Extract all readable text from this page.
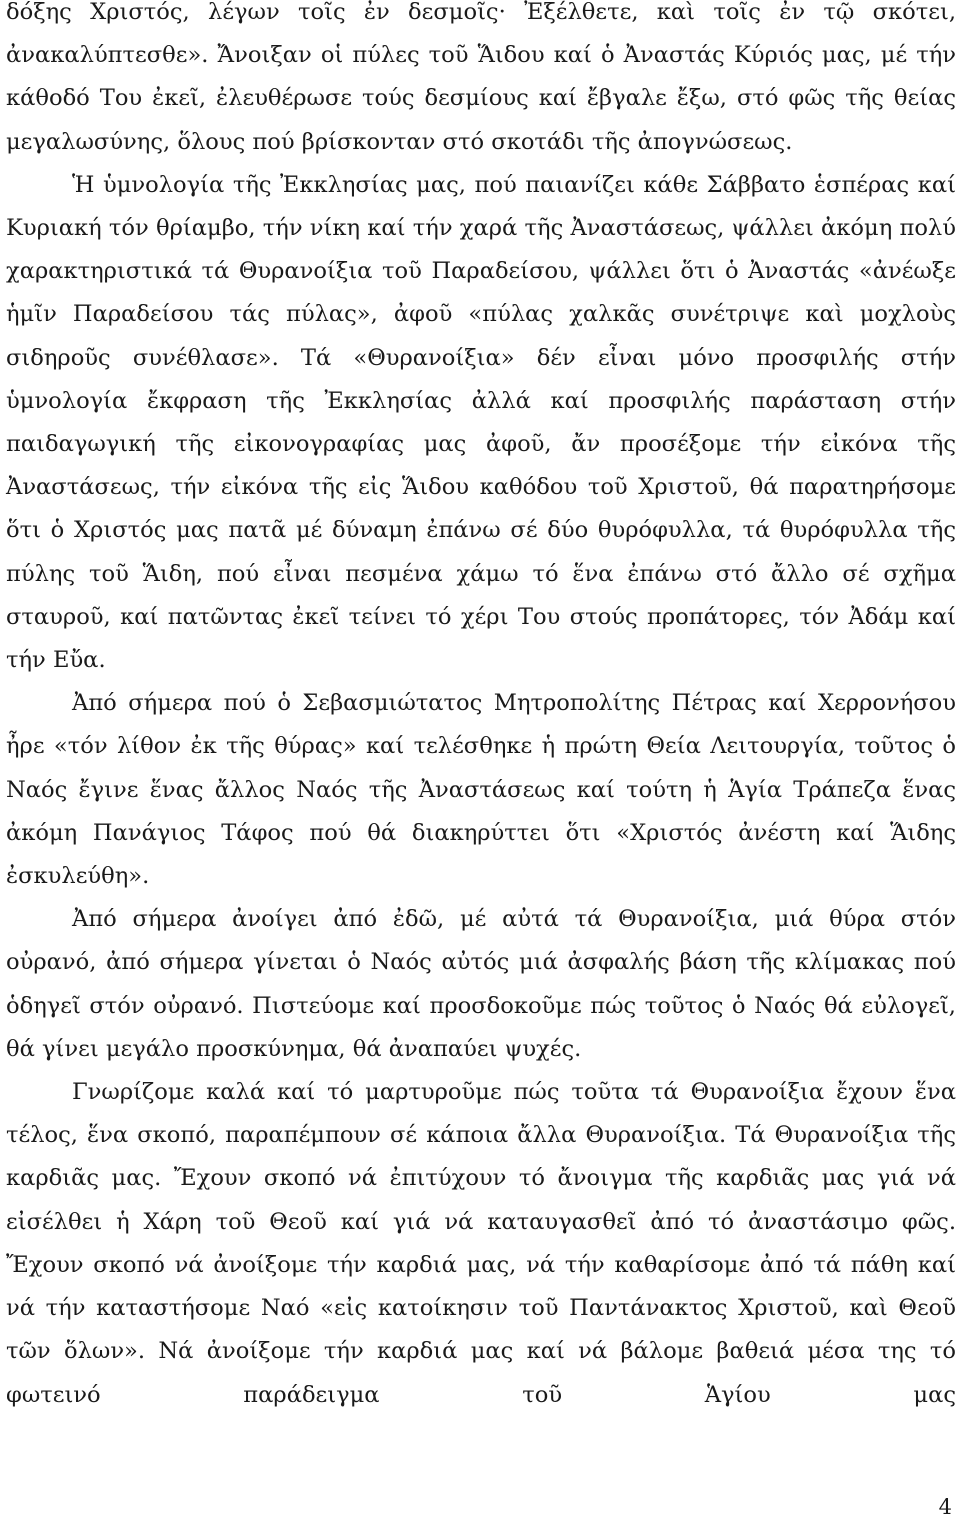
δόξης Χριστός, λέγων τοῖς ἐν δεσμοῖς· Ἐξέλθετε, καὶ τοῖς ἐν τῷ σκότει, ἀνακαλύπτεσθε». Ἄνοιξαν οἱ πύλες τοῦ Ἅιδου καί ὁ Ἀναστάς Κύριός μας, μέ τήν κάθοδό Του ἐκεῖ, ἐλευθέρωσε τούς δεσμίους καί ἔβγαλε ἔξω, στό φῶς τῆς θείας μεγαλωσύνης, ὅλους πού βρίσκονταν στό σκοτάδι τῆς ἀπογνώσεως.

Ἡ ὑμνολογία τῆς Ἐκκλησίας μας, πού παιανίζει κάθε Σάββατο ἑσπέρας καί Κυριακή τόν θρίαμβο, τήν νίκη καί τήν χαρά τῆς Ἀναστάσεως, ψάλλει ἀκόμη πολύ χαρακτηριστικά τά Θυρανοίξια τοῦ Παραδείσου, ψάλλει ὅτι ὁ Ἀναστάς «ἀνέωξε ἡμῖν Παραδείσου τάς πύλας», ἀφοῦ «πύλας χαλκᾶς συνέτριψε καὶ μοχλοὺς σιδηροῦς συνέθλασε». Τά «Θυρανοίξια» δέν εἶναι μόνο προσφιλής στήν ὑμνολογία ἔκφραση τῆς Ἐκκλησίας ἀλλά καί προσφιλής παράσταση στήν παιδαγωγική τῆς εἰκονογραφίας μας ἀφοῦ, ἄν προσέξομε τήν εἰκόνα τῆς Ἀναστάσεως, τήν εἰκόνα τῆς εἰς Ἅιδου καθόδου τοῦ Χριστοῦ, θά παρατηρήσομε ὅτι ὁ Χριστός μας πατᾶ μέ δύναμη ἐπάνω σέ δύο θυρόφυλλα, τά θυρόφυλλα τῆς πύλης τοῦ Ἅιδη, πού εἶναι πεσμένα χάμω τό ἕνα ἐπάνω στό ἄλλο σέ σχῆμα σταυροῦ, καί πατῶντας ἐκεῖ τείνει τό χέρι Του στούς προπάτορες, τόν Ἀδάμ καί τήν Εὔα.

Ἀπό σήμερα πού ὁ Σεβασμιώτατος Μητροπολίτης Πέτρας καί Χερρονήσου ἦρε «τόν λίθον ἐκ τῆς θύρας» καί τελέσθηκε ἡ πρώτη Θεία Λειτουργία, τοῦτος ὁ Ναός ἔγινε ἕνας ἄλλος Ναός τῆς Ἀναστάσεως καί τούτη ἡ Ἁγία Τράπεζα ἕνας ἀκόμη Πανάγιος Τάφος πού θά διακηρύττει ὅτι «Χριστός ἀνέστη καί Ἅιδης ἐσκυλεύθη».

Ἀπό σήμερα ἀνοίγει ἀπό ἐδῶ, μέ αὐτά τά Θυρανοίξια, μιά θύρα στόν οὐρανό, ἀπό σήμερα γίνεται ὁ Ναός αὐτός μιά ἀσφαλής βάση τῆς κλίμακας πού ὁδηγεῖ στόν οὐρανό. Πιστεύομε καί προσδοκοῦμε πώς τοῦτος ὁ Ναός θά εὐλογεῖ, θά γίνει μεγάλο προσκύνημα, θά ἀναπαύει ψυχές.

Γνωρίζομε καλά καί τό μαρτυροῦμε πώς τοῦτα τά Θυρανοίξια ἔχουν ἕνα τέλος, ἕνα σκοπό, παραπέμπουν σέ κάποια ἄλλα Θυρανοίξια. Τά Θυρανοίξια τῆς καρδιᾶς μας. Ἔχουν σκοπό νά ἐπιτύχουν τό ἄνοιγμα τῆς καρδιᾶς μας γιά νά εἰσέλθει ἡ Χάρη τοῦ Θεοῦ καί γιά νά καταυγασθεῖ ἀπό τό ἀναστάσιμο φῶς. Ἔχουν σκοπό νά ἀνοίξομε τήν καρδιά μας, νά τήν καθαρίσομε ἀπό τά πάθη καί νά τήν καταστήσομε Ναό «εἰς κατοίκησιν τοῦ Παντάνακτος Χριστοῦ, καὶ Θεοῦ τῶν ὅλων». Νά ἀνοίξομε τήν καρδιά μας καί νά βάλομε βαθειά μέσα της τό φωτεινό παράδειγμα τοῦ Ἁγίου μας

4
